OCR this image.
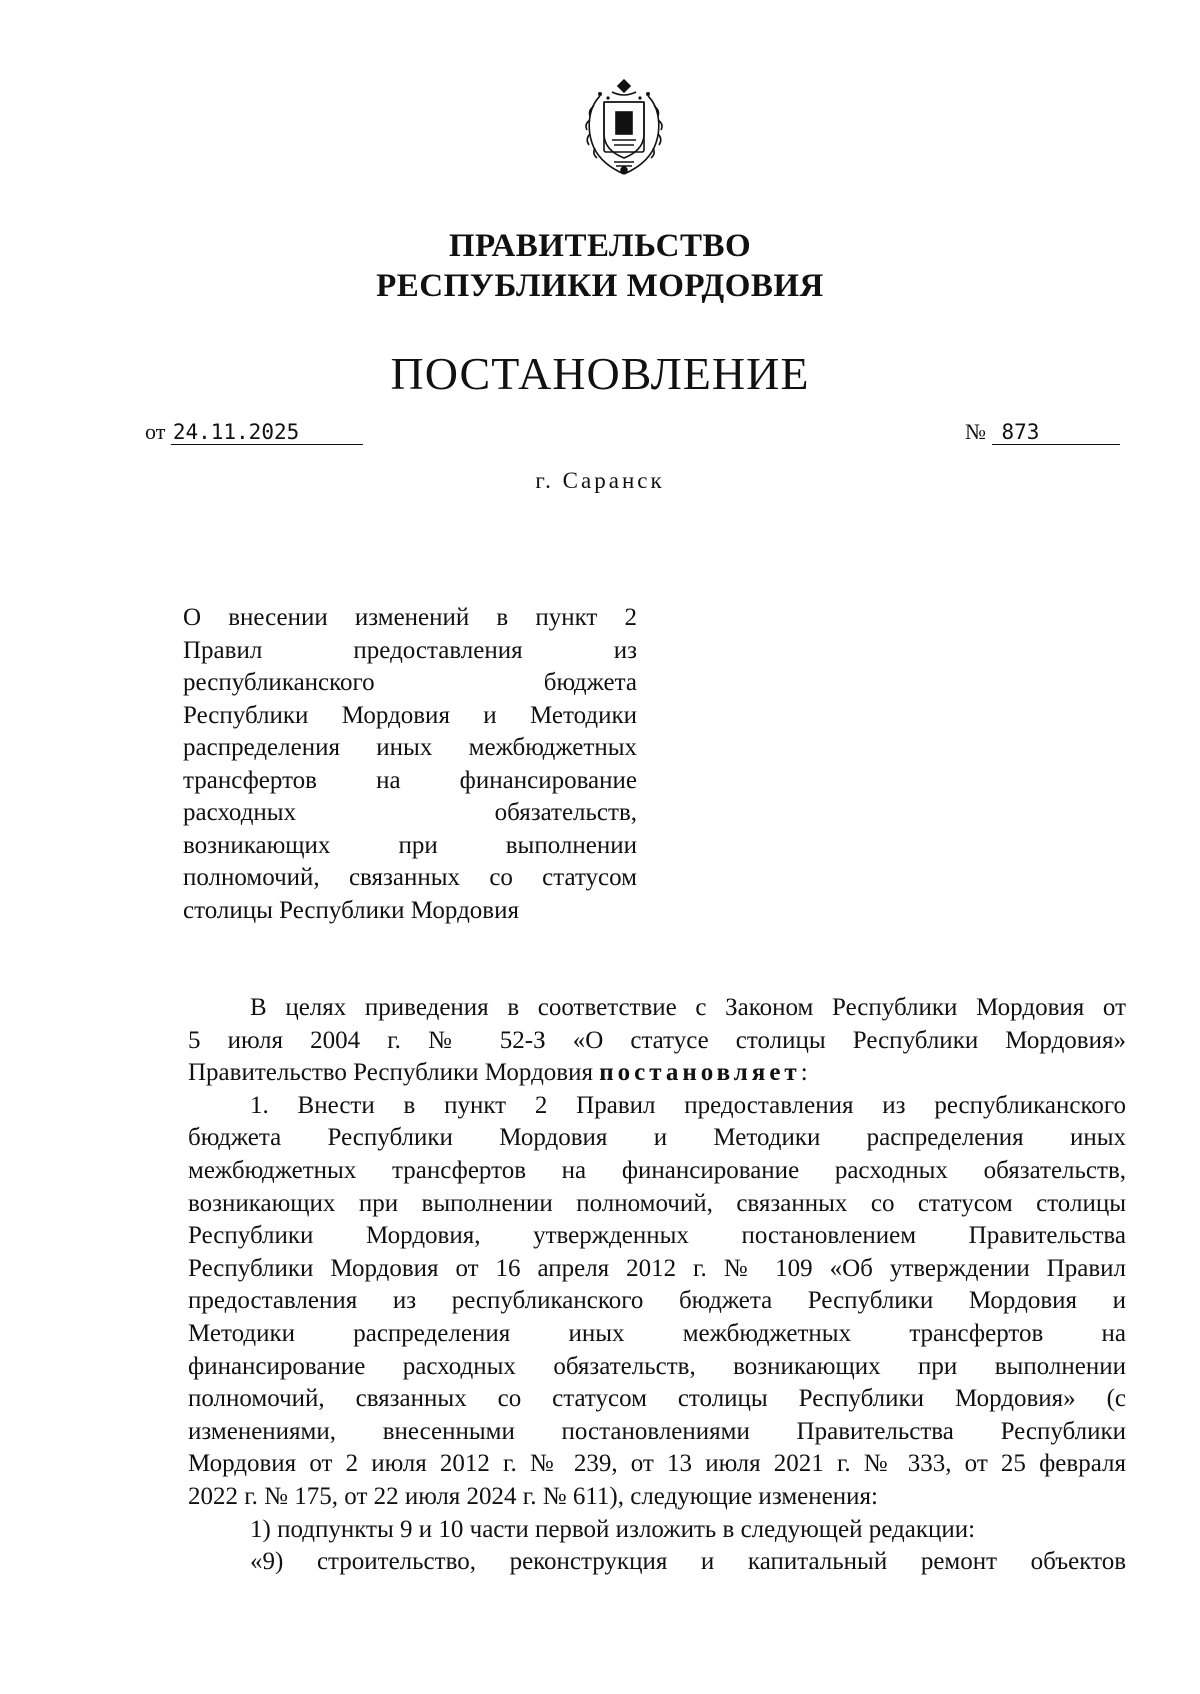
ПРАВИТЕЛЬСТВО
РЕСПУБЛИКИ МОРДОВИЯ
ПОСТАНОВЛЕНИЕ
от 24.11.2025	№ 873
г. Саранск
О внесении изменений в пункт 2
Правил предоставления из
республиканского бюджета
Республики Мордовия и Методики
распределения иных межбюджетных
трансфертов на финансирование
расходных обязательств,
возникающих при выполнении
полномочий, связанных со статусом
столицы Республики Мордовия
В целях приведения в соответствие с Законом Республики Мордовия от
5 июля 2004 г. № 52-З «О статусе столицы Республики Мордовия»
Правительство Республики Мордовия постановляет:
1. Внести в пункт 2 Правил предоставления из республиканского
бюджета Республики Мордовия и Методики распределения иных
межбюджетных трансфертов на финансирование расходных обязательств,
возникающих при выполнении полномочий, связанных со статусом столицы
Республики Мордовия, утвержденных постановлением Правительства
Республики Мордовия от 16 апреля 2012 г. № 109 «Об утверждении Правил
предоставления из республиканского бюджета Республики Мордовия и
Методики распределения иных межбюджетных трансфертов на
финансирование расходных обязательств, возникающих при выполнении
полномочий, связанных со статусом столицы Республики Мордовия» (с
изменениями, внесенными постановлениями Правительства Республики
Мордовия от 2 июля 2012 г. № 239, от 13 июля 2021 г. № 333, от 25 февраля
2022 г. № 175, от 22 июля 2024 г. № 611), следующие изменения:
1) подпункты 9 и 10 части первой изложить в следующей редакции:
«9) строительство, реконструкция и капитальный ремонт объектов
